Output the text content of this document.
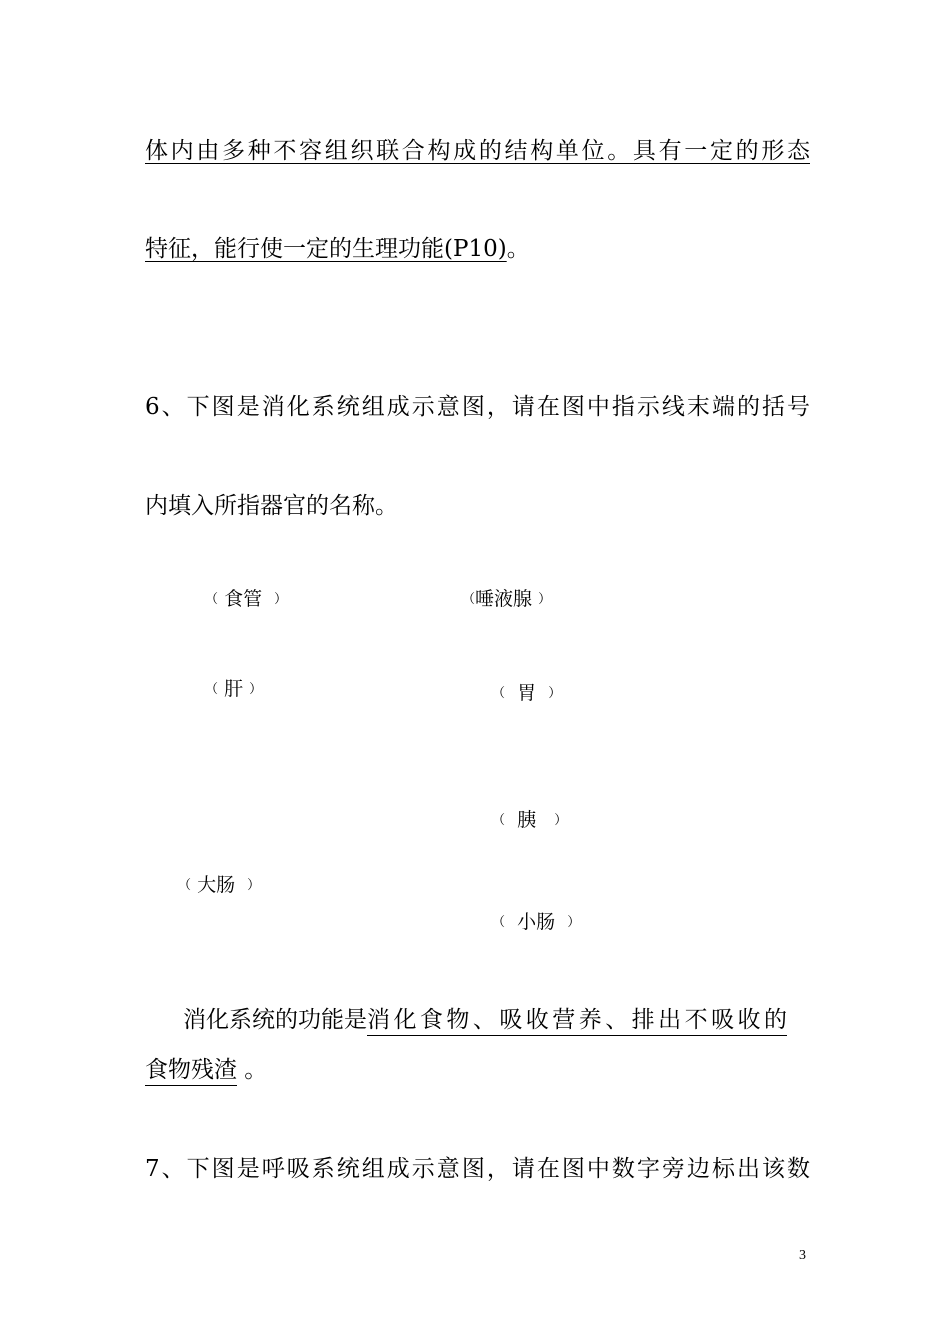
体内由多种不容组织联合构成的结构单位。具有一定的形态
特征，能行使一定的生理功能(P10)。
6、下图是消化系统组成示意图，请在图中指示线末端的括号
内填入所指器官的名称。
（ 食管 ）	（唾液腺 ）
（ 肝 ）	（ 胃 ）
（ 胰 ）
（ 大肠 ）
（ 小肠 ）
消化系统的功能是消化食物、吸收营养、排出不吸收的
食物残渣 。
7、下图是呼吸系统组成示意图，请在图中数字旁边标出该数
3
